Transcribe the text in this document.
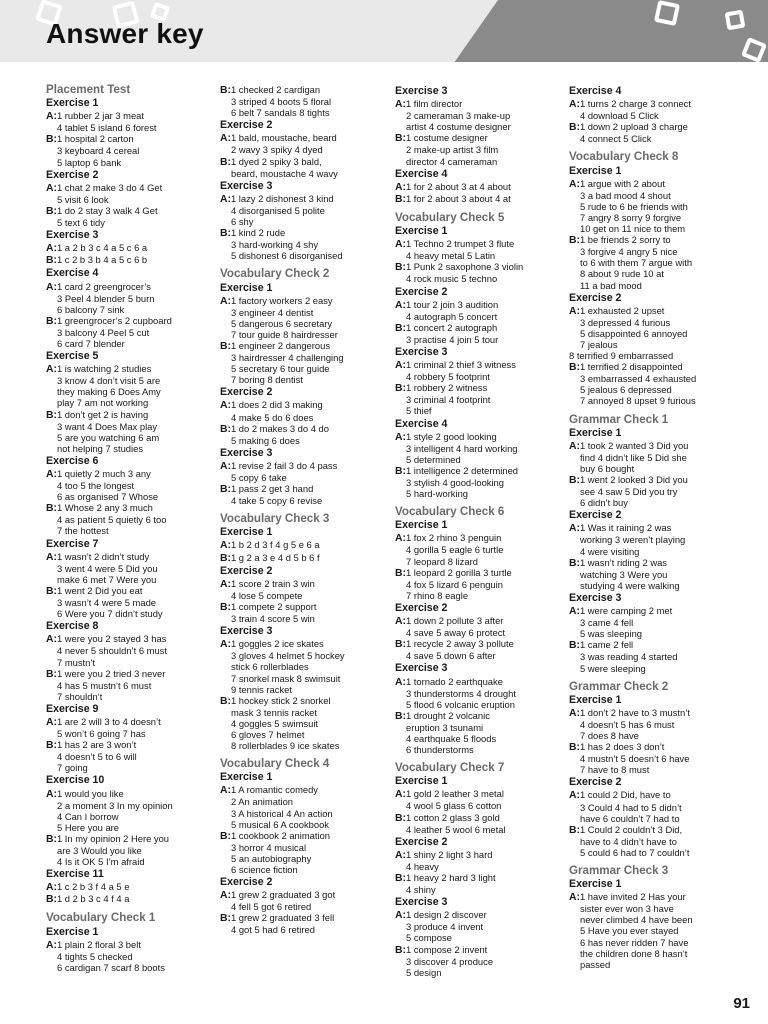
Answer key
Placement Test
Exercise 1
A:1 rubber 2 jar 3 meat
4 tablet 5 island 6 forest
B:1 hospital 2 carton
3 keyboard 4 cereal
5 laptop 6 bank
Exercise 2
A:1 chat 2 make 3 do 4 Get
5 visit 6 look
B:1 do 2 stay 3 walk 4 Get
5 text 6 tidy
Exercise 3
A:1 a 2 b 3 c 4 a 5 c 6 a
B:1 c 2 b 3 b 4 a 5 c 6 b
Exercise 4
A:1 card 2 greengrocer’s
3 Peel 4 blender 5 burn
6 balcony 7 sink
B:1 greengrocer’s 2 cupboard
3 balcony 4 Peel 5 cut
6 card 7 blender
Exercise 5
A:1 is watching 2 studies
3 know 4 don’t visit 5 are
they making 6 Does Amy
play 7 am not working
B:1 don’t get 2 is having
3 want 4 Does Max play
5 are you watching 6 am
not helping 7 studies
Exercise 6
A:1 quietly 2 much 3 any
4 too 5 the longest
6 as organised 7 Whose
B:1 Whose 2 any 3 much
4 as patient 5 quietly 6 too
7 the hottest
Exercise 7
A:1 wasn’t 2 didn’t study
3 went 4 were 5 Did you
make 6 met 7 Were you
B:1 went 2 Did you eat
3 wasn’t 4 were 5 made
6 Were you 7 didn’t study
Exercise 8
A:1 were you 2 stayed 3 has
4 never 5 shouldn’t 6 must
7 mustn’t
B:1 were you 2 tried 3 never
4 has 5 mustn’t 6 must
7 shouldn’t
Exercise 9
A:1 are 2 will 3 to 4 doesn’t
5 won’t 6 going 7 has
B:1 has 2 are 3 won’t
4 doesn’t 5 to 6 will
7 going
Exercise 10
A:1 would you like
2 a moment 3 In my opinion
4 Can I borrow
5 Here you are
B:1 In my opinion 2 Here you
are 3 Would you like
4 Is it OK 5 I’m afraid
Exercise 11
A:1 c 2 b 3 f 4 a 5 e
B:1 d 2 b 3 c 4 f 4 a
Vocabulary Check 1
Exercise 1
A:1 plain 2 floral 3 belt
4 tights 5 checked
6 cardigan 7 scarf 8 boots
B:1 checked 2 cardigan
3 striped 4 boots 5 floral
6 belt 7 sandals 8 tights
Exercise 2
A:1 bald, moustache, beard
2 wavy 3 spiky 4 dyed
B:1 dyed 2 spiky 3 bald,
beard, moustache 4 wavy
Exercise 3
A:1 lazy 2 dishonest 3 kind
4 disorganised 5 polite
6 shy
B:1 kind 2 rude
3 hard-working 4 shy
5 dishonest 6 disorganised
Vocabulary Check 2
Exercise 1
A:1 factory workers 2 easy
3 engineer 4 dentist
5 dangerous 6 secretary
7 tour guide 8 hairdresser
B:1 engineer 2 dangerous
3 hairdresser 4 challenging
5 secretary 6 tour guide
7 boring 8 dentist
Exercise 2
A:1 does 2 did 3 making
4 make 5 do 6 does
B:1 do 2 makes 3 do 4 do
5 making 6 does
Exercise 3
A:1 revise 2 fail 3 do 4 pass
5 copy 6 take
B:1 pass 2 get 3 hand
4 take 5 copy 6 revise
Vocabulary Check 3
Exercise 1
A:1 b 2 d 3 f 4 g 5 e 6 a
B:1 g 2 a 3 e 4 d 5 b 6 f
Exercise 2
A:1 score 2 train 3 win
4 lose 5 compete
B:1 compete 2 support
3 train 4 score 5 win
Exercise 3
A:1 goggles 2 ice skates
3 gloves 4 helmet 5 hockey
stick 6 rollerblades
7 snorkel mask 8 swimsuit
9 tennis racket
B:1 hockey stick 2 snorkel
mask 3 tennis racket
4 goggles 5 swimsuit
6 gloves 7 helmet
8 rollerblades 9 ice skates
Vocabulary Check 4
Exercise 1
A:1 A romantic comedy
2 An animation
3 A historical 4 An action
5 musical 6 A cookbook
B:1 cookbook 2 animation
3 horror 4 musical
5 an autobiography
6 science fiction
Exercise 2
A:1 grew 2 graduated 3 got
4 fell 5 got 6 retired
B:1 grew 2 graduated 3 fell
4 got 5 had 6 retired
Exercise 3
A:1 film director
2 cameraman 3 make-up
artist 4 costume designer
B:1 costume designer
2 make-up artist 3 film
director 4 cameraman
Exercise 4
A:1 for 2 about 3 at 4 about
B:1 for 2 about 3 about 4 at
Vocabulary Check 5
Exercise 1
A:1 Techno 2 trumpet 3 flute
4 heavy metal 5 Latin
B:1 Punk 2 saxophone 3 violin
4 rock music 5 techno
Exercise 2
A:1 tour 2 join 3 audition
4 autograph 5 concert
B:1 concert 2 autograph
3 practise 4 join 5 tour
Exercise 3
A:1 criminal 2 thief 3 witness
4 robbery 5 footprint
B:1 robbery 2 witness
3 criminal 4 footprint
5 thief
Exercise 4
A:1 style 2 good looking
3 intelligent 4 hard working
5 determined
B:1 intelligence 2 determined
3 stylish 4 good-looking
5 hard-working
Vocabulary Check 6
Exercise 1
A:1 fox 2 rhino 3 penguin
4 gorilla 5 eagle 6 turtle
7 leopard 8 lizard
B:1 leopard 2 gorilla 3 turtle
4 fox 5 lizard 6 penguin
7 rhino 8 eagle
Exercise 2
A:1 down 2 pollute 3 after
4 save 5 away 6 protect
B:1 recycle 2 away 3 pollute
4 save 5 down 6 after
Exercise 3
A:1 tornado 2 earthquake
3 thunderstorms 4 drought
5 flood 6 volcanic eruption
B:1 drought 2 volcanic
eruption 3 tsunami
4 earthquake 5 floods
6 thunderstorms
Vocabulary Check 7
Exercise 1
A:1 gold 2 leather 3 metal
4 wool 5 glass 6 cotton
B:1 cotton 2 glass 3 gold
4 leather 5 wool 6 metal
Exercise 2
A:1 shiny 2 light 3 hard
4 heavy
B:1 heavy 2 hard 3 light
4 shiny
Exercise 3
A:1 design 2 discover
3 produce 4 invent
5 compose
B:1 compose 2 invent
3 discover 4 produce
5 design
Exercise 4
A:1 turns 2 charge 3 connect
4 download 5 Click
B:1 down 2 upload 3 charge
4 connect 5 Click
Vocabulary Check 8
Exercise 1
A:1 argue with 2 about
3 a bad mood 4 shout
5 rude to 6 be friends with
7 angry 8 sorry 9 forgive
10 get on 11 nice to them
B:1 be friends 2 sorry to
3 forgive 4 angry 5 nice
to 6 with them 7 argue with
8 about 9 rude 10 at
11 a bad mood
Exercise 2
A:1 exhausted 2 upset
3 depressed 4 furious
5 disappointed 6 annoyed
7 jealous
8 terrified 9 embarrassed
B:1 terrified 2 disappointed
3 embarrassed 4 exhausted
5 jealous 6 depressed
7 annoyed 8 upset 9 furious
Grammar Check 1
Exercise 1
A:1 took 2 wanted 3 Did you
find 4 didn’t like 5 Did she
buy 6 bought
B:1 went 2 looked 3 Did you
see 4 saw 5 Did you try
6 didn’t buy
Exercise 2
A:1 Was it raining 2 was
working 3 weren’t playing
4 were visiting
B:1 wasn’t riding 2 was
watching 3 Were you
studying 4 were walking
Exercise 3
A:1 were camping 2 met
3 came 4 fell
5 was sleeping
B:1 came 2 fell
3 was reading 4 started
5 were sleeping
Grammar Check 2
Exercise 1
A:1 don’t 2 have to 3 mustn’t
4 doesn’t 5 has 6 must
7 does 8 have
B:1 has 2 does 3 don’t
4 mustn’t 5 doesn’t 6 have
7 have to 8 must
Exercise 2
A:1 could 2 Did, have to
3 Could 4 had to 5 didn’t
have 6 couldn’t 7 had to
B:1 Could 2 couldn’t 3 Did,
have to 4 didn’t have to
5 could 6 had to 7 couldn’t
Grammar Check 3
Exercise 1
A:1 have invited 2 Has your
sister ever won 3 have
never climbed 4 have been
5 Have you ever stayed
6 has never ridden 7 have
the children done 8 hasn’t
passed
91
